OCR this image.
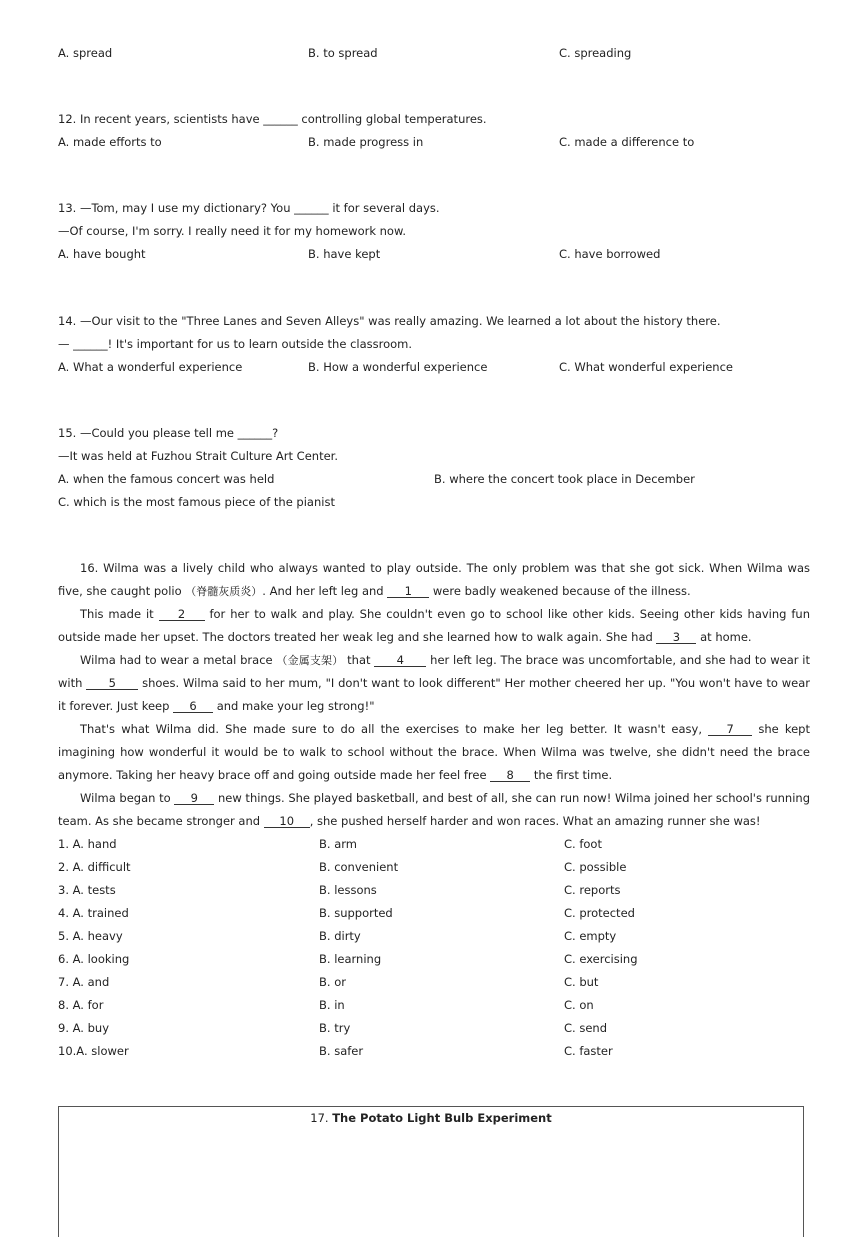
A. spread	B. to spread	C. spreading
12. In recent years, scientists have ______ controlling global temperatures.
A. made efforts to	B. made progress in	C. made a difference to
13. —Tom, may I use my dictionary? You ______ it for several days.
—Of course, I'm sorry. I really need it for my homework now.
A. have bought	B. have kept	C. have borrowed
14. —Our visit to the "Three Lanes and Seven Alleys" was really amazing. We learned a lot about the history there.
— ______! It's important for us to learn outside the classroom.
A. What a wonderful experience	B. How a wonderful experience	C. What wonderful experience
15. —Could you please tell me ______?
—It was held at Fuzhou Strait Culture Art Center.
A. when the famous concert was held	B. where the concert took place in December
C. which is the most famous piece of the pianist
16. Wilma was a lively child who always wanted to play outside. The only problem was that she got sick. When Wilma was five, she caught polio （脊髓灰质炎）. And her left leg and 1 were badly weakened because of the illness.
This made it 2 for her to walk and play. She couldn't even go to school like other kids. Seeing other kids having fun outside made her upset. The doctors treated her weak leg and she learned how to walk again. She had 3 at home.
Wilma had to wear a metal brace （金属支架） that 4 her left leg. The brace was uncomfortable, and she had to wear it with 5 shoes. Wilma said to her mum, "I don't want to look different" Her mother cheered her up. "You won't have to wear it forever. Just keep 6 and make your leg strong!"
That's what Wilma did. She made sure to do all the exercises to make her leg better. It wasn't easy, 7 she kept imagining how wonderful it would be to walk to school without the brace. When Wilma was twelve, she didn't need the brace anymore. Taking her heavy brace off and going outside made her feel free 8 the first time.
Wilma began to 9 new things. She played basketball, and best of all, she can run now! Wilma joined her school's running team. As she became stronger and 10 , she pushed herself harder and won races. What an amazing runner she was!
1. A. hand	B. arm	C. foot
2. A. difficult	B. convenient	C. possible
3. A. tests	B. lessons	C. reports
4. A. trained	B. supported	C. protected
5. A. heavy	B. dirty	C. empty
6. A. looking	B. learning	C. exercising
7. A. and	B. or	C. but
8. A. for	B. in	C. on
9. A. buy	B. try	C. send
10.A. slower	B. safer	C. faster
17. The Potato Light Bulb Experiment
